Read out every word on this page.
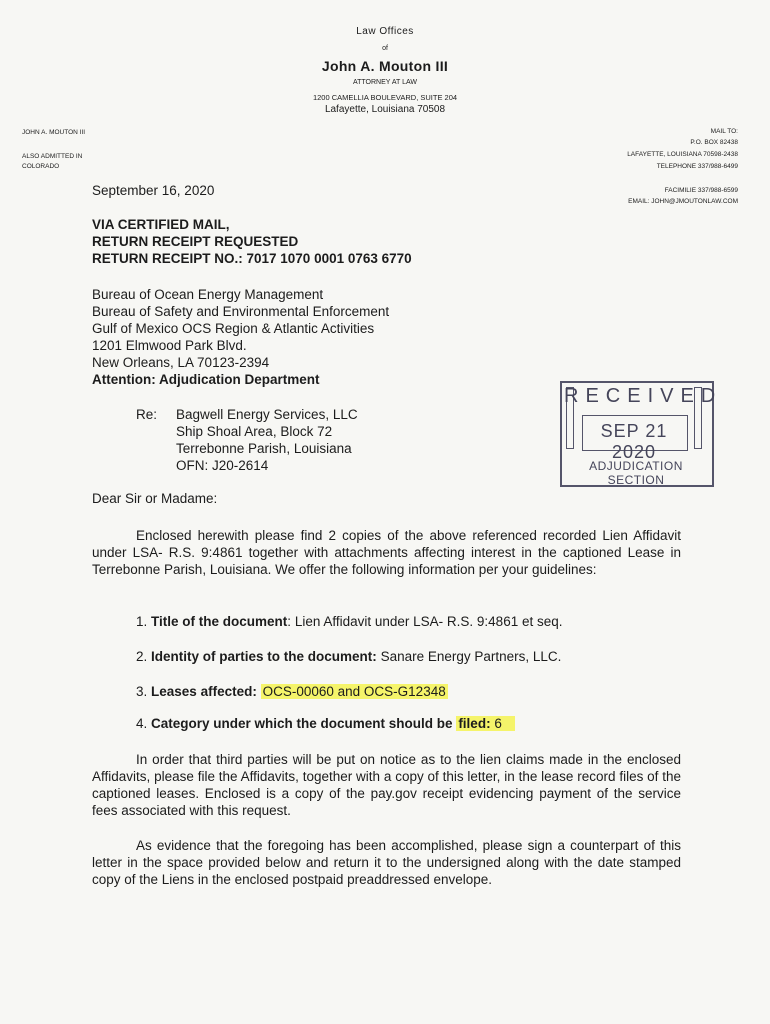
Law Offices
of
John A. Mouton III
ATTORNEY AT LAW
1200 CAMELLIA BOULEVARD, SUITE 204
Lafayette, Louisiana 70508
JOHN A. MOUTON III
ALSO ADMITTED IN
COLORADO
MAIL TO:
P.O. BOX 82438
LAFAYETTE, LOUISIANA 70598-2438
TELEPHONE 337/988-6499
FACIMILIE 337/988-6599
EMAIL: JOHN@JMOUTONLAW.COM
September 16, 2020
VIA CERTIFIED MAIL,
RETURN RECEIPT REQUESTED
RETURN RECEIPT NO.: 7017 1070 0001 0763 6770
Bureau of Ocean Energy Management
Bureau of Safety and Environmental Enforcement
Gulf of Mexico OCS Region & Atlantic Activities
1201 Elmwood Park Blvd.
New Orleans, LA 70123-2394
Attention: Adjudication Department
Re: Bagwell Energy Services, LLC
Ship Shoal Area, Block 72
Terrebonne Parish, Louisiana
OFN: J20-2614
RECEIVED
SEP 21 2020
ADJUDICATION SECTION
Dear Sir or Madame:
Enclosed herewith please find 2 copies of the above referenced recorded Lien Affidavit under LSA- R.S. 9:4861 together with attachments affecting interest in the captioned Lease in Terrebonne Parish, Louisiana. We offer the following information per your guidelines:
1. Title of the document: Lien Affidavit under LSA- R.S. 9:4861 et seq.
2. Identity of parties to the document: Sanare Energy Partners, LLC.
3. Leases affected: OCS-00060 and OCS-G12348
4. Category under which the document should be filed: 6
In order that third parties will be put on notice as to the lien claims made in the enclosed Affidavits, please file the Affidavits, together with a copy of this letter, in the lease record files of the captioned leases. Enclosed is a copy of the pay.gov receipt evidencing payment of the service fees associated with this request.
As evidence that the foregoing has been accomplished, please sign a counterpart of this letter in the space provided below and return it to the undersigned along with the date stamped copy of the Liens in the enclosed postpaid preaddressed envelope.
